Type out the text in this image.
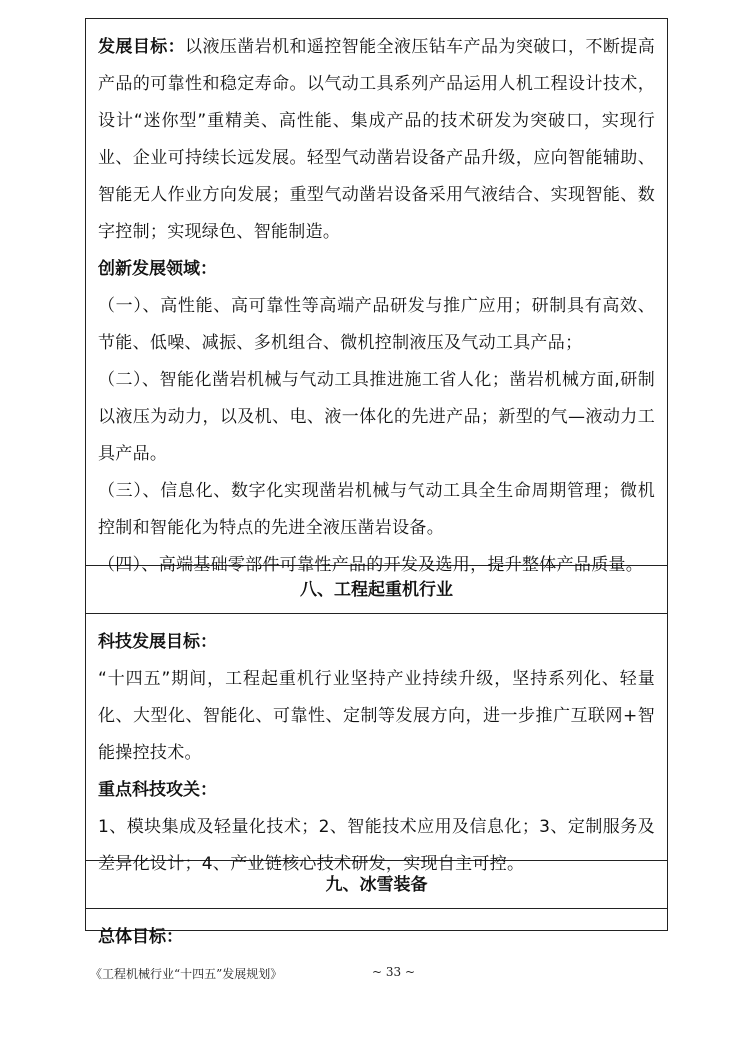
发展目标：以液压凿岩机和遥控智能全液压钻车产品为突破口，不断提高产品的可靠性和稳定寿命。以气动工具系列产品运用人机工程设计技术，设计“迷你型”重精美、高性能、集成产品的技术研发为突破口，实现行业、企业可持续长远发展。轻型气动凿岩设备产品升级，应向智能辅助、智能无人作业方向发展；重型气动凿岩设备采用气液结合、实现智能、数字控制；实现绿色、智能制造。

创新发展领域：

（一）、高性能、高可靠性等高端产品研发与推广应用；研制具有高效、节能、低噪、减振、多机组合、微机控制液压及气动工具产品；

（二）、智能化凿岩机械与气动工具推进施工省人化；凿岩机械方面,研制以液压为动力，以及机、电、液一体化的先进产品；新型的气—液动力工具产品。

（三）、信息化、数字化实现凿岩机械与气动工具全生命周期管理；微机控制和智能化为特点的先进全液压凿岩设备。

（四）、高端基础零部件可靠性产品的开发及选用，提升整体产品质量。

八、工程起重机行业

科技发展目标：

“十四五”期间，工程起重机行业坚持产业持续升级，坚持系列化、轻量化、大型化、智能化、可靠性、定制等发展方向，进一步推广互联网+智能操控技术。

重点科技攻关：

1、模块集成及轻量化技术；2、智能技术应用及信息化；3、定制服务及差异化设计；4、产业链核心技术研发，实现自主可控。

九、冰雪装备

总体目标：

《工程机械行业“十四五”发展规划》	~ 33 ~
